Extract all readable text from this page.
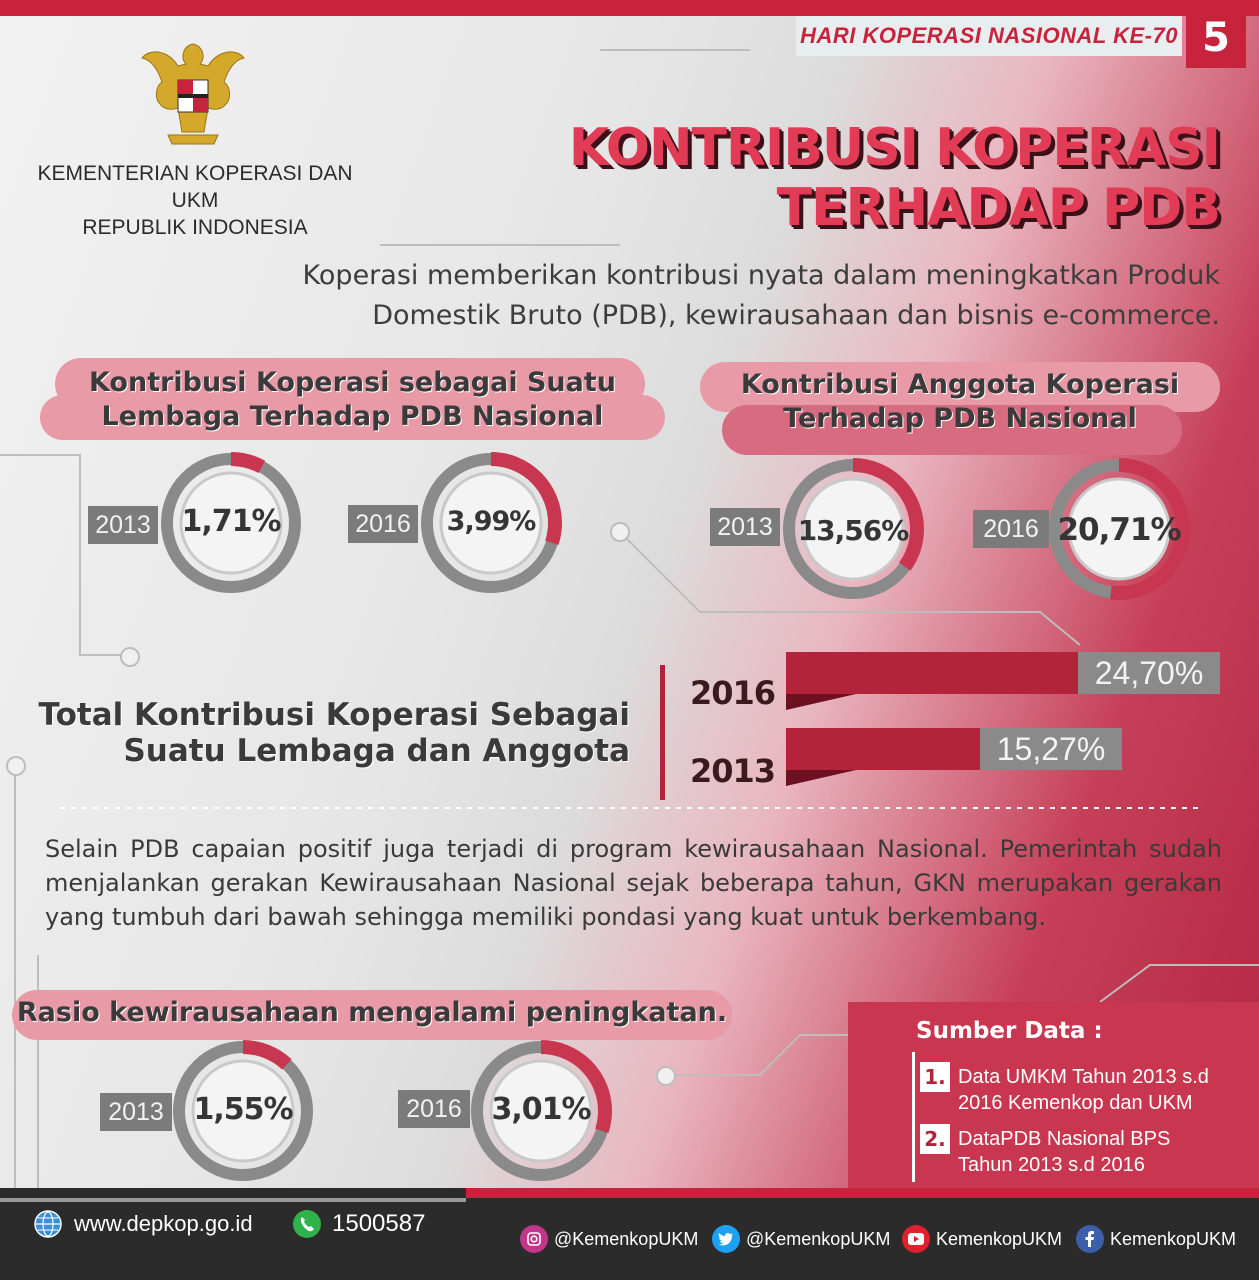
HARI KOPERASI NASIONAL KE-70 5
KEMENTERIAN KOPERASI DAN UKM
REPUBLIK INDONESIA
KONTRIBUSI KOPERASI
TERHADAP PDB
Koperasi memberikan kontribusi nyata dalam meningkatkan Produk
Domestik Bruto (PDB), kewirausahaan dan bisnis e-commerce.
Kontribusi Koperasi sebagai Suatu
Lembaga Terhadap PDB Nasional
Kontribusi Anggota Koperasi
Terhadap PDB Nasional
2013	1,71%	2016	3,99%	2013 13,56%	2016 20,71%
Total Kontribusi Koperasi Sebagai
Suatu Lembaga dan Anggota
2016
24,70%
2013
15,27%
Selain PDB capaian positif juga terjadi di program kewirausahaan Nasional. Pemerintah sudah menjalankan gerakan Kewirausahaan Nasional sejak beberapa tahun, GKN merupakan gerakan yang tumbuh dari bawah sehingga memiliki pondasi yang kuat untuk berkembang.
Rasio kewirausahaan mengalami peningkatan.
2013 1,55%	2016 3,01%
Sumber Data :
1. Data UMKM Tahun 2013 s.d
2016 Kemenkop dan UKM
2. DataPDB Nasional BPS
Tahun 2013 s.d 2016
www.depkop.go.id	1500587
@KemenkopUKM	@KemenkopUKM	KemenkopUKM	KemenkopUKM
